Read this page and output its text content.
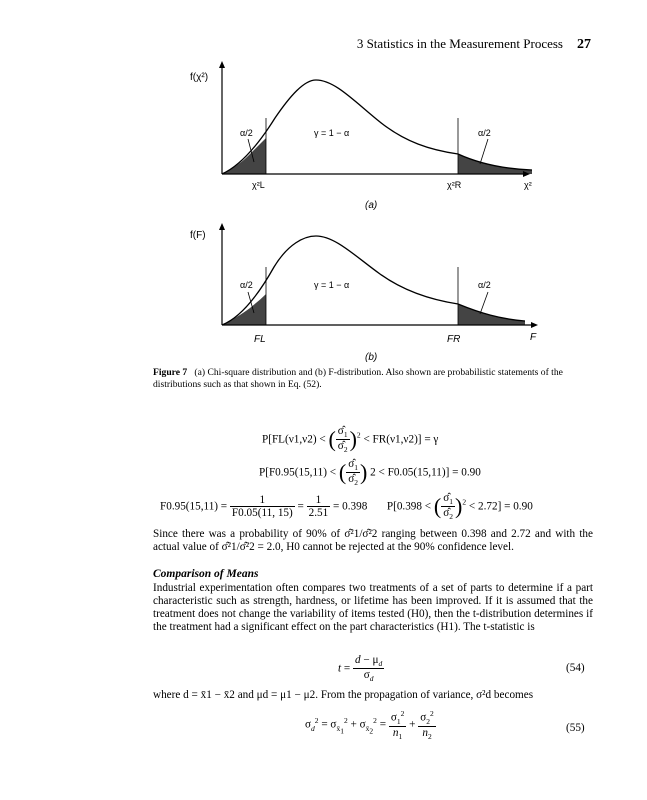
3 Statistics in the Measurement Process 27
f(χ²)
α/2	γ = 1 − α	α/2
χ²L	χ²R	χ²
(a)
f(F)
α/2	γ = 1 − α	α/2
FL	FR	F
(b)
Figure 7 (a) Chi-square distribution and (b) F-distribution. Also shown are probabilistic statements of the distributions such as that shown in Eq. (52).
P[FL(ν1,ν2) < ( $\frac{\sigmâ_1}{\sigmâ_2} )^2 < FR(\nu 1,\nu 2)] = \gamma$
P[F0.95(15,11) < ( $\frac{\sigmâ_1}{\sigmâ_2}$ ) 2 < F0.05(15,11)] = 0.90
$F0.95(15,11) = \frac{1}{F0.05(11, 15)} = \frac{1}{2.51} = 0.398$ P[0.398 < ( $\frac{\sigmâ_1}{\sigmâ_2} )^2 < 2.72] = 0.90$
Since there was a probability of 90% of σ̂²1/σ̂²2 ranging between 0.398 and 2.72 and with the actual value of σ̂²1/σ̂²2 = 2.0, H0 cannot be rejected at the 90% confidence level.
Comparison of Means
Industrial experimentation often compares two treatments of a set of parts to determine if a part characteristic such as strength, hardness, or lifetime has been improved. If it is assumed that the treatment does not change the variability of items tested (H0), then the t-distribution determines if the treatment had a significant effect on the part characteristics (H1). The t-statistic is
$t = \frac{d - \mu_d}{\sigma_d}$	(54)
where d = x̄1 − x̄2 and μd = μ1 − μ2. From the propagation of variance, σ²d becomes
$\sigma_d^2 = \sigma_{x̄_1}^2 + \sigma_{x̄_2}^2 = \frac{\sigma_1^2}{n_1} + \frac{\sigma_2^2}{n_2}$	(55)
